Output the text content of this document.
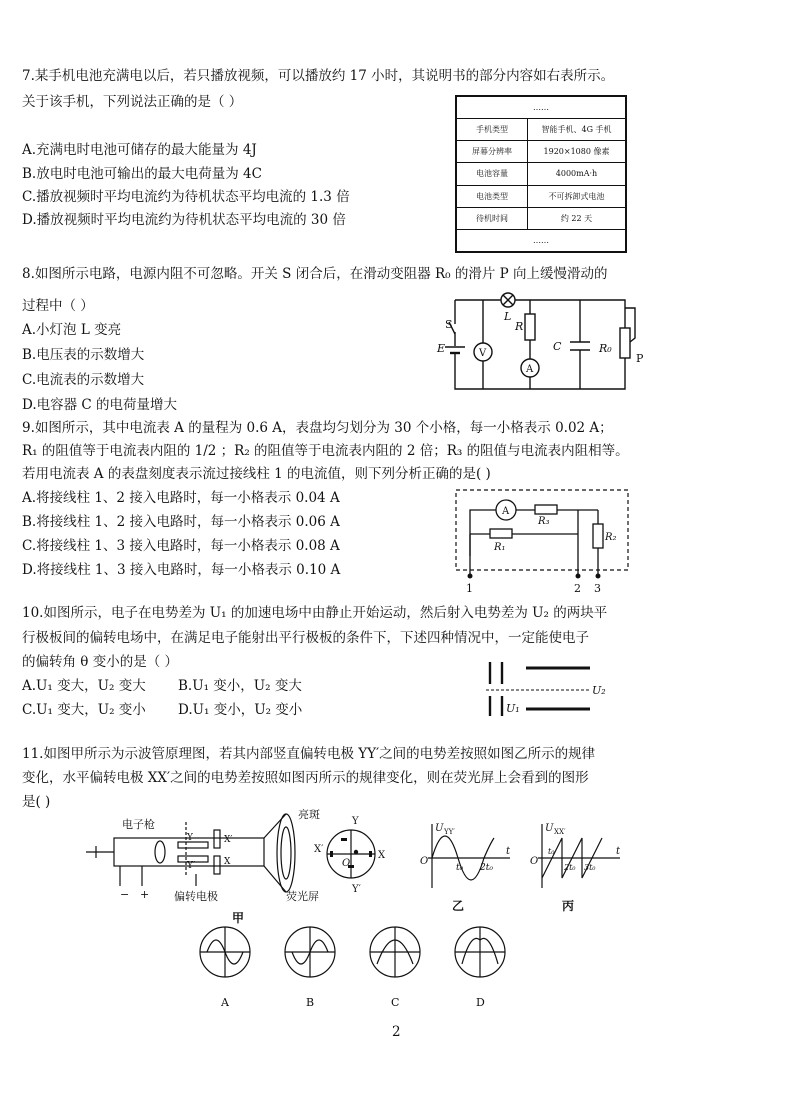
7.某手机电池充满电以后，若只播放视频，可以播放约 17 小时，其说明书的部分内容如右表所示。
关于该手机，下列说法正确的是（ ）
A.充满电时电池可储存的最大能量为 4J
B.放电时电池可输出的最大电荷量为 4C
C.播放视频时平均电流约为待机状态平均电流的 1.3 倍
D.播放视频时平均电流约为待机状态平均电流的 30 倍
……	
手机类型	智能手机、4G 手机
屏幕分辨率	1920×1080 像素
电池容量	4000mA·h
电池类型	不可拆卸式电池
待机时间	约 22 天
……	
8.如图所示电路，电源内阻不可忽略。开关 S 闭合后，在滑动变阻器 R₀ 的滑片 P 向上缓慢滑动的
过程中（ ）
A.小灯泡 L 变亮
B.电压表的示数增大
C.电流表的示数增大
D.电容器 C 的电荷量增大
S
E	V
L
R
A
C	R₀
P
9.如图所示，其中电流表 A 的量程为 0.6 A，表盘均匀划分为 30 个小格，每一小格表示 0.02 A；
R₁ 的阻值等于电流表内阻的 1/2 ；R₂ 的阻值等于电流表内阻的 2 倍；R₃ 的阻值与电流表内阻相等。
若用电流表 A 的表盘刻度表示流过接线柱 1 的电流值，则下列分析正确的是( )
A.将接线柱 1、2 接入电路时，每一小格表示 0.04 A
B.将接线柱 1、2 接入电路时，每一小格表示 0.06 A
C.将接线柱 1、3 接入电路时，每一小格表示 0.08 A
D.将接线柱 1、3 接入电路时，每一小格表示 0.10 A
A
R₃
R₁
R₂
1	2 3
10.如图所示，电子在电势差为 U₁ 的加速电场中由静止开始运动，然后射入电势差为 U₂ 的两块平
行极板间的偏转电场中，在满足电子能射出平行极板的条件下，下述四种情况中，一定能使电子
的偏转角 θ 变小的是（ ）
A.U₁ 变大，U₂ 变大 B.U₁ 变小，U₂ 变大
C.U₁ 变大，U₂ 变小 D.U₁ 变小，U₂ 变小	U₁
U₂
11.如图甲所示为示波管原理图，若其内部竖直偏转电极 YY′之间的电势差按照如图乙所示的规律
变化，水平偏转电极 XX′之间的电势差按照如图丙所示的规律变化，则在荧光屏上会看到的图形
是( )
电子枪
亮斑
荧光屏
偏转电极
− +
Y
Y′
X′
X
Y
Y′
X′
X
O
甲
U YY′
O
t₀ 2t₀
t
乙
U XX′
O
t₀
2t₀ 3t₀
t
丙
A	B	C	D
2
